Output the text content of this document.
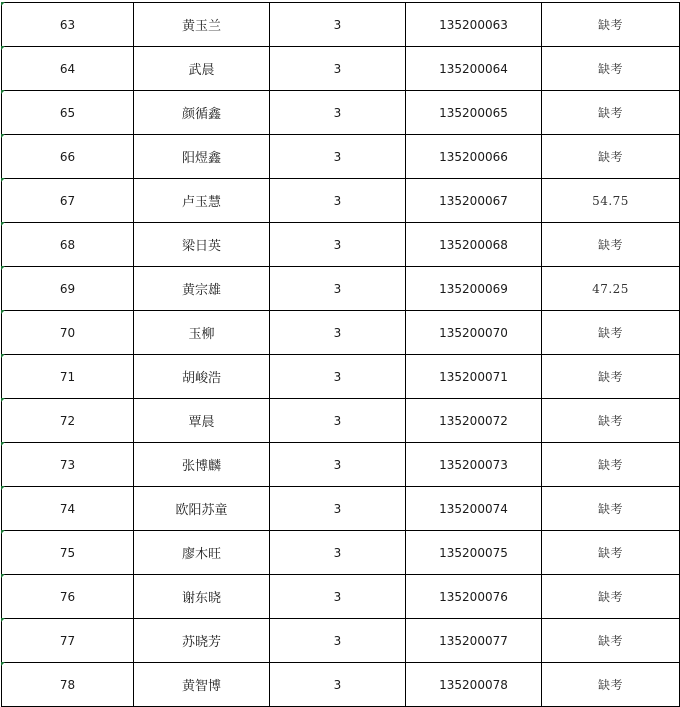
63	黄玉兰	3	135200063	缺考
64	武晨	3	135200064	缺考
65	颜循鑫	3	135200065	缺考
66	阳煜鑫	3	135200066	缺考
67	卢玉慧	3	135200067	54.75
68	梁日英	3	135200068	缺考
69	黄宗雄	3	135200069	47.25
70	玉柳	3	135200070	缺考
71	胡峻浩	3	135200071	缺考
72	覃晨	3	135200072	缺考
73	张博麟	3	135200073	缺考
74	欧阳苏童	3	135200074	缺考
75	廖木旺	3	135200075	缺考
76	谢东晓	3	135200076	缺考
77	苏晓芳	3	135200077	缺考
78	黄智博	3	135200078	缺考
